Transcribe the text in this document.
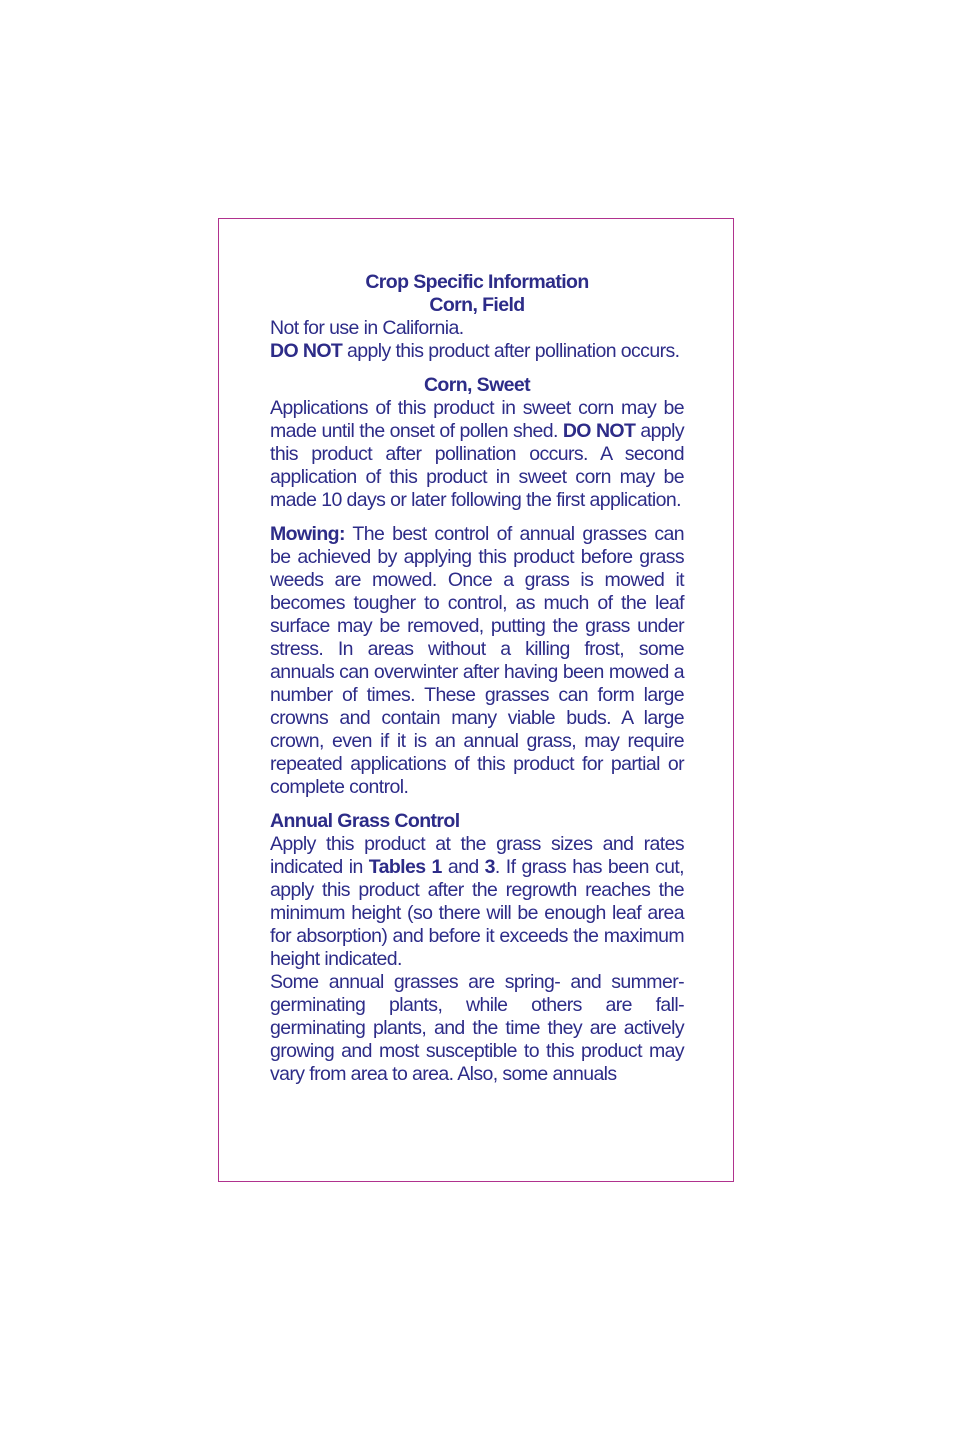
Crop Specific Information
Corn, Field

Not for use in California.

DO NOT apply this product after pollination occurs.

Corn, Sweet

Applications of this product in sweet corn may be made until the onset of pollen shed. DO NOT apply this product after pollination occurs. A second application of this product in sweet corn may be made 10 days or later following the first application.

Mowing: The best control of annual grasses can be achieved by applying this product before grass weeds are mowed. Once a grass is mowed it becomes tougher to control, as much of the leaf surface may be removed, putting the grass under stress. In areas without a killing frost, some annuals can overwinter after having been mowed a number of times. These grasses can form large crowns and contain many viable buds. A large crown, even if it is an annual grass, may require repeated applications of this product for partial or complete control.

Annual Grass Control

Apply this product at the grass sizes and rates indicated in Tables 1 and 3. If grass has been cut, apply this product after the regrowth reaches the minimum height (so there will be enough leaf area for absorption) and before it exceeds the maximum height indicated.

Some annual grasses are spring- and summer-germinating plants, while others are fall-germinating plants, and the time they are actively growing and most susceptible to this product may vary from area to area. Also, some annuals
